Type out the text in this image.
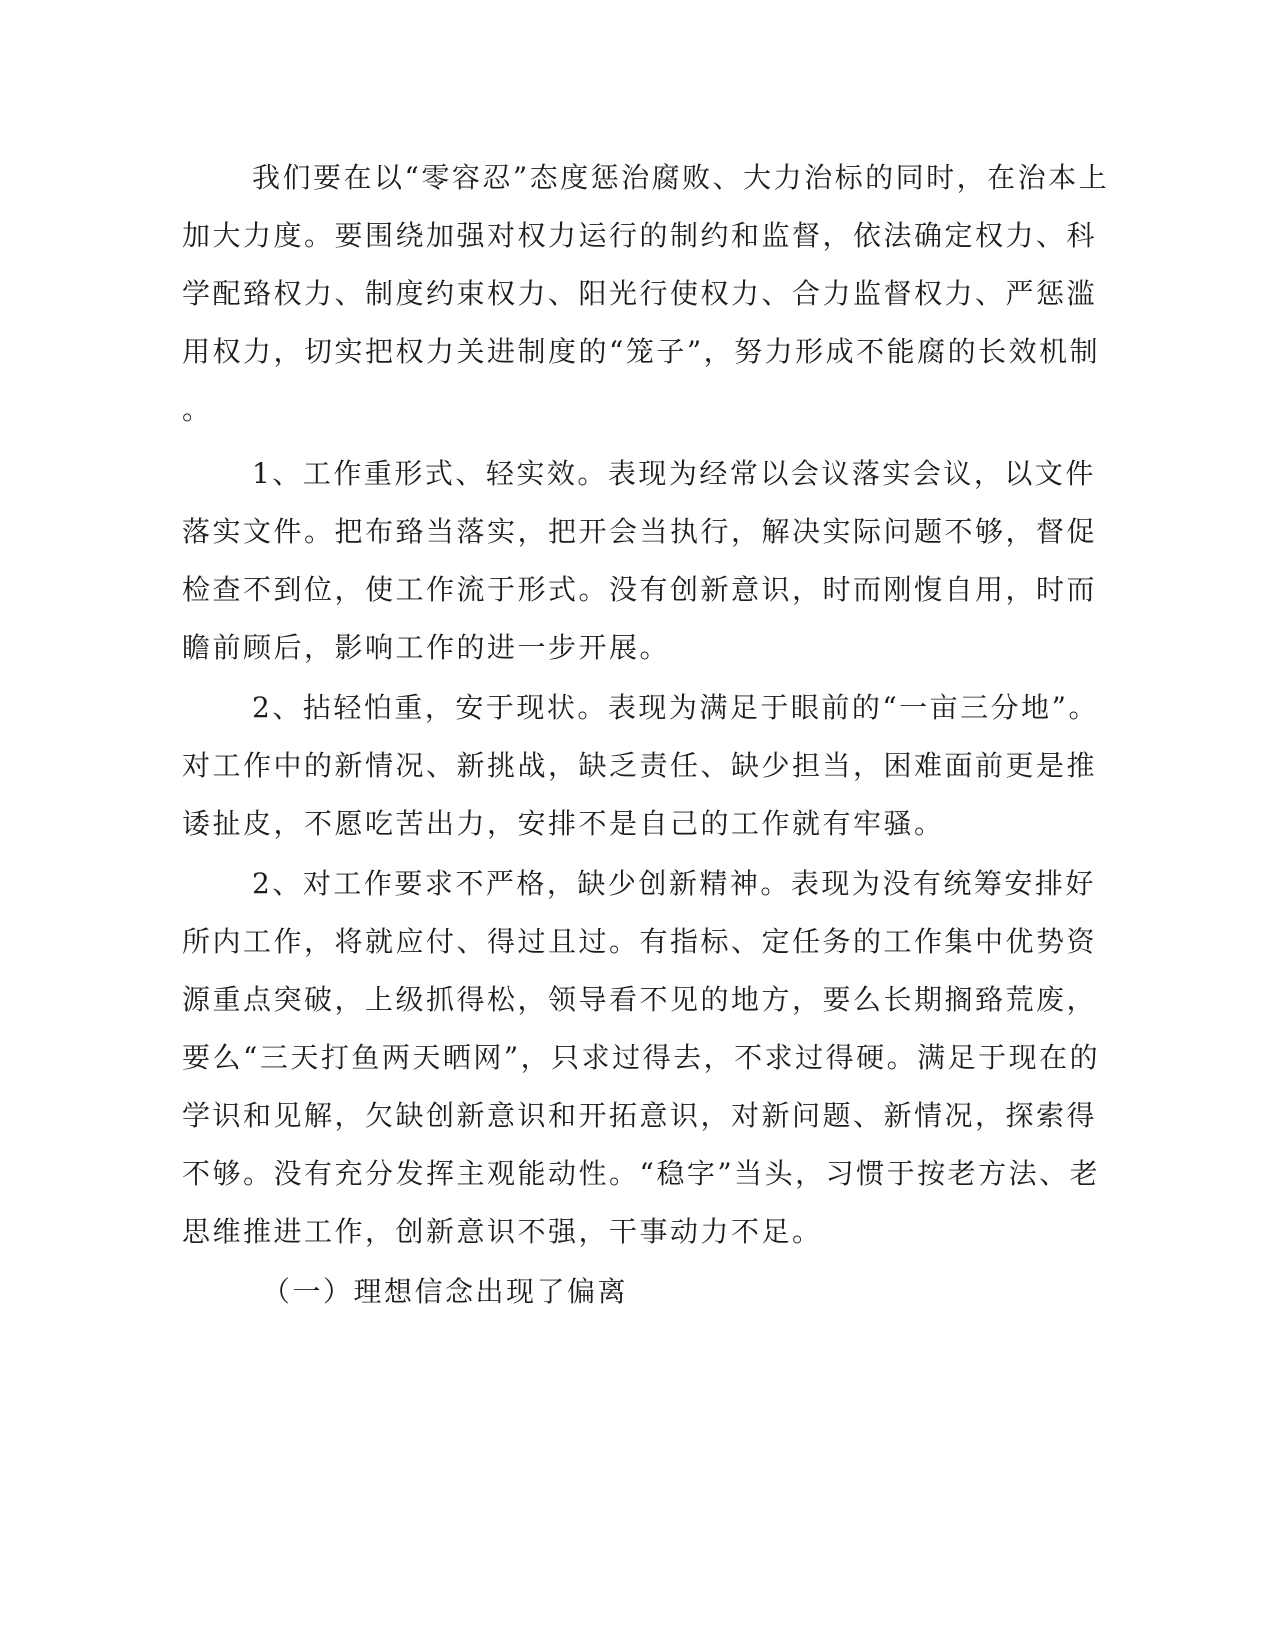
我们要在以“零容忍”态度惩治腐败、大力治标的同时，在治本上
加大力度。要围绕加强对权力运行的制约和监督，依法确定权力、科
学配臵权力、制度约束权力、阳光行使权力、合力监督权力、严惩滥
用权力，切实把权力关进制度的“笼子”，努力形成不能腐的长效机制
。
1、工作重形式、轻实效。表现为经常以会议落实会议，以文件
落实文件。把布臵当落实，把开会当执行，解决实际问题不够，督促
检查不到位，使工作流于形式。没有创新意识，时而刚愎自用，时而
瞻前顾后，影响工作的进一步开展。
2、拈轻怕重，安于现状。表现为满足于眼前的“一亩三分地”。
对工作中的新情况、新挑战，缺乏责任、缺少担当，困难面前更是推
诿扯皮，不愿吃苦出力，安排不是自己的工作就有牢骚。
2、对工作要求不严格，缺少创新精神。表现为没有统筹安排好
所内工作，将就应付、得过且过。有指标、定任务的工作集中优势资
源重点突破，上级抓得松，领导看不见的地方，要么长期搁臵荒废，
要么“三天打鱼两天晒网”，只求过得去，不求过得硬。满足于现在的
学识和见解，欠缺创新意识和开拓意识，对新问题、新情况，探索得
不够。没有充分发挥主观能动性。“稳字”当头，习惯于按老方法、老
思维推进工作，创新意识不强，干事动力不足。
（一）理想信念出现了偏离
